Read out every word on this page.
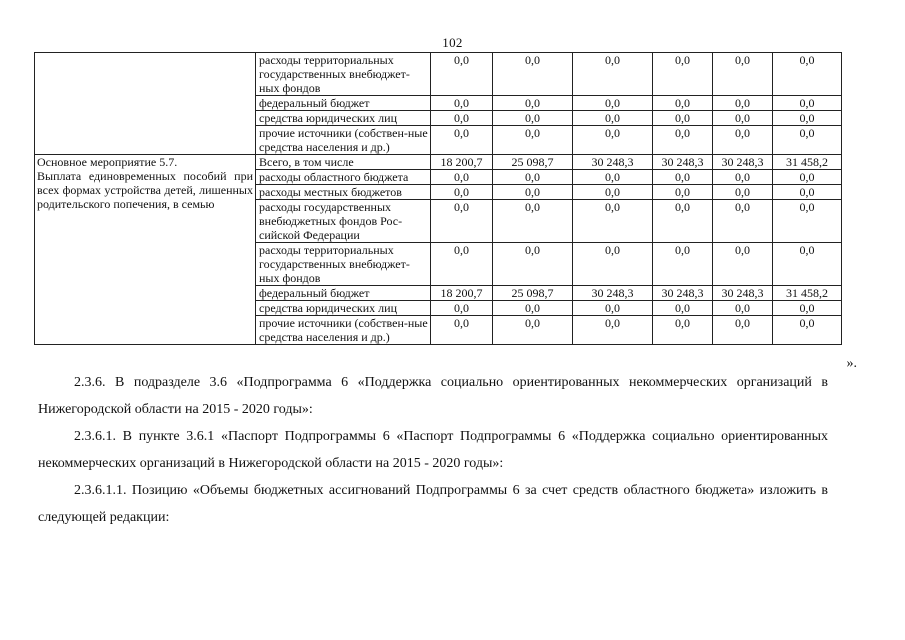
102
	расходы территориальных государственных внебюджет-ных фондов	0,0	0,0	0,0	0,0	0,0	0,0
	федеральный бюджет	0,0	0,0	0,0	0,0	0,0	0,0
	средства юридических лиц	0,0	0,0	0,0	0,0	0,0	0,0
	прочие источники (собствен-ные средства населения и др.)	0,0	0,0	0,0	0,0	0,0	0,0

Основное мероприятие 5.7.
Выплата единовременных пособий при всех формах устройства детей, лишенных родительского попечения, в семью	Всего, в том числе	18 200,7	25 098,7	30 248,3	30 248,3	30 248,3	31 458,2
	расходы областного бюджета	0,0	0,0	0,0	0,0	0,0	0,0
	расходы местных бюджетов	0,0	0,0	0,0	0,0	0,0	0,0
	расходы государственных внебюджетных фондов Рос-сийской Федерации	0,0	0,0	0,0	0,0	0,0	0,0
	расходы территориальных государственных внебюджет-ных фондов	0,0	0,0	0,0	0,0	0,0	0,0
	федеральный бюджет	18 200,7	25 098,7	30 248,3	30 248,3	30 248,3	31 458,2
	средства юридических лиц	0,0	0,0	0,0	0,0	0,0	0,0
	прочие источники (собствен-ные средства населения и др.)	0,0	0,0	0,0	0,0	0,0	0,0
».
2.3.6. В подразделе 3.6 «Подпрограмма 6 «Поддержка социально ориентированных некоммерческих организаций в Нижегородской области на 2015 - 2020 годы»:
2.3.6.1. В пункте 3.6.1 «Паспорт Подпрограммы 6 «Паспорт Подпрограммы 6 «Поддержка социально ориентированных некоммерческих организаций в Нижегородской области на 2015 - 2020 годы»:
2.3.6.1.1. Позицию «Объемы бюджетных ассигнований Подпрограммы 6 за счет средств областного бюджета» изложить в следующей редакции:
